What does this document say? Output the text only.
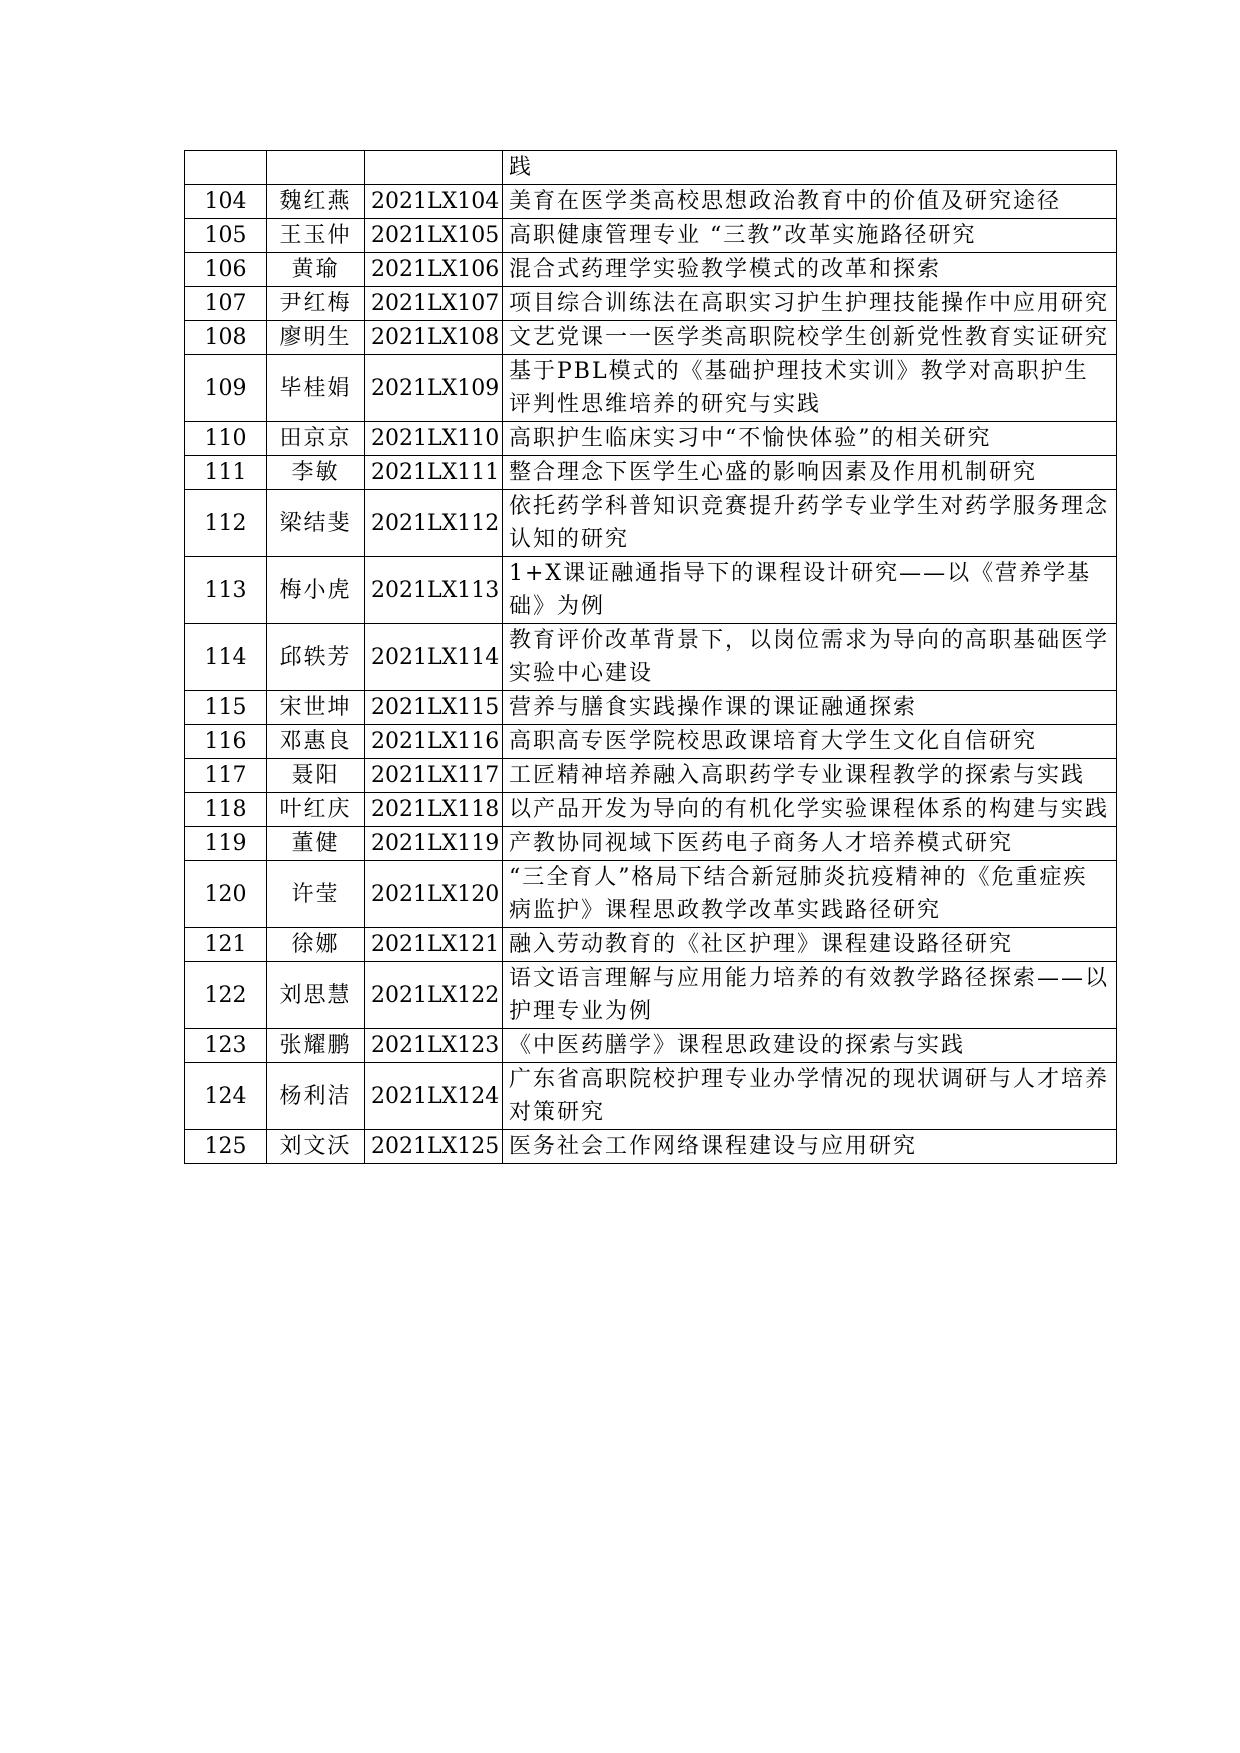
			践
104	魏红燕	2021LX104	美育在医学类高校思想政治教育中的价值及研究途径
105	王玉仲	2021LX105	高职健康管理专业 “三教”改革实施路径研究
106	黄瑜	2021LX106	混合式药理学实验教学模式的改革和探索
107	尹红梅	2021LX107	项目综合训练法在高职实习护生护理技能操作中应用研究
108	廖明生	2021LX108	文艺党课一一医学类高职院校学生创新党性教育实证研究
109	毕桂娟	2021LX109	基于PBL模式的《基础护理技术实训》教学对高职护生评判性思维培养的研究与实践
110	田京京	2021LX110	高职护生临床实习中“不愉快体验”的相关研究
111	李敏	2021LX111	整合理念下医学生心盛的影响因素及作用机制研究
112	梁结斐	2021LX112	依托药学科普知识竞赛提升药学专业学生对药学服务理念认知的研究
113	梅小虎	2021LX113	1+X课证融通指导下的课程设计研究——以《营养学基础》为例
114	邱轶芳	2021LX114	教育评价改革背景下，以岗位需求为导向的高职基础医学实验中心建设
115	宋世坤	2021LX115	营养与膳食实践操作课的课证融通探索
116	邓惠良	2021LX116	高职高专医学院校思政课培育大学生文化自信研究
117	聂阳	2021LX117	工匠精神培养融入高职药学专业课程教学的探索与实践
118	叶红庆	2021LX118	以产品开发为导向的有机化学实验课程体系的构建与实践
119	董健	2021LX119	产教协同视域下医药电子商务人才培养模式研究
120	许莹	2021LX120	“三全育人”格局下结合新冠肺炎抗疫精神的《危重症疾病监护》课程思政教学改革实践路径研究
121	徐娜	2021LX121	融入劳动教育的《社区护理》课程建设路径研究
122	刘思慧	2021LX122	语文语言理解与应用能力培养的有效教学路径探索——以护理专业为例
123	张耀鹏	2021LX123	《中医药膳学》课程思政建设的探索与实践
124	杨利洁	2021LX124	广东省高职院校护理专业办学情况的现状调研与人才培养对策研究
125	刘文沃	2021LX125	医务社会工作网络课程建设与应用研究
